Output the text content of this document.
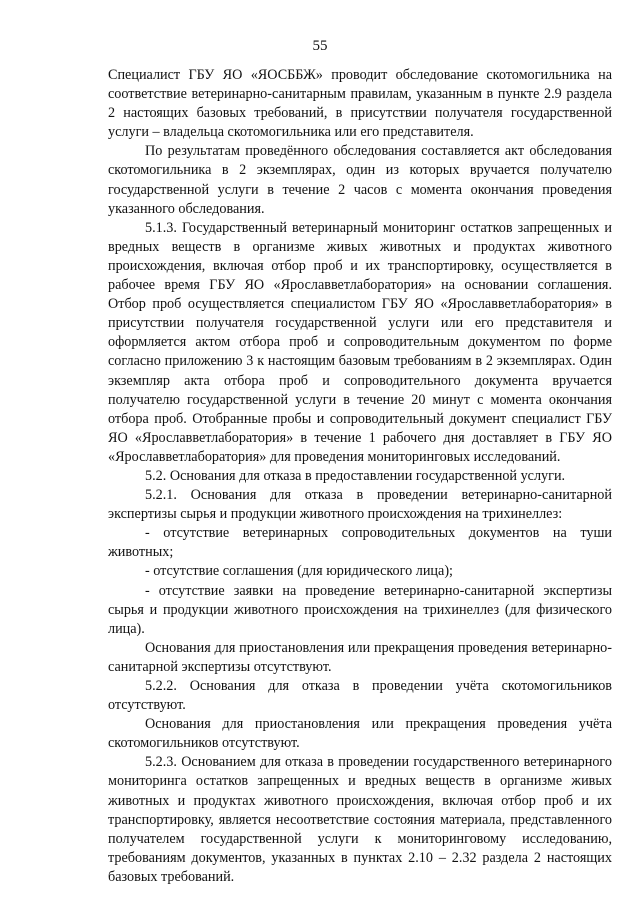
55

Специалист ГБУ ЯО «ЯОСББЖ» проводит обследование скотомогильника на соответствие ветеринарно-санитарным правилам, указанным в пункте 2.9 раздела 2 настоящих базовых требований, в присутствии получателя государственной услуги – владельца скотомогильника или его представителя.

По результатам проведённого обследования составляется акт обследования скотомогильника в 2 экземплярах, один из которых вручается получателю государственной услуги в течение 2 часов с момента окончания проведения указанного обследования.

5.1.3. Государственный ветеринарный мониторинг остатков запрещенных и вредных веществ в организме живых животных и продуктах животного происхождения, включая отбор проб и их транспортировку, осуществляется в рабочее время ГБУ ЯО «Ярославветлаборатория» на основании соглашения. Отбор проб осуществляется специалистом ГБУ ЯО «Ярославветлаборатория» в присутствии получателя государственной услуги или его представителя и оформляется актом отбора проб и сопроводительным документом по форме согласно приложению 3 к настоящим базовым требованиям в 2 экземплярах. Один экземпляр акта отбора проб и сопроводительного документа вручается получателю государственной услуги в течение 20 минут с момента окончания отбора проб. Отобранные пробы и сопроводительный документ специалист ГБУ ЯО «Ярославветлаборатория» в течение 1 рабочего дня доставляет в ГБУ ЯО «Ярославветлаборатория» для проведения мониторинговых исследований.

5.2. Основания для отказа в предоставлении государственной услуги.

5.2.1. Основания для отказа в проведении ветеринарно-санитарной экспертизы сырья и продукции животного происхождения на трихинеллез:

- отсутствие ветеринарных сопроводительных документов на туши животных;

- отсутствие соглашения (для юридического лица);

- отсутствие заявки на проведение ветеринарно-санитарной экспертизы сырья и продукции животного происхождения на трихинеллез (для физического лица).

Основания для приостановления или прекращения проведения ветеринарно-санитарной экспертизы отсутствуют.

5.2.2. Основания для отказа в проведении учёта скотомогильников отсутствуют.

Основания для приостановления или прекращения проведения учёта скотомогильников отсутствуют.

5.2.3. Основанием для отказа в проведении государственного ветеринарного мониторинга остатков запрещенных и вредных веществ в организме живых животных и продуктах животного происхождения, включая отбор проб и их транспортировку, является несоответствие состояния материала, представленного получателем государственной услуги к мониторинговому исследованию, требованиям документов, указанных в пунктах 2.10 – 2.32 раздела 2 настоящих базовых требований.
